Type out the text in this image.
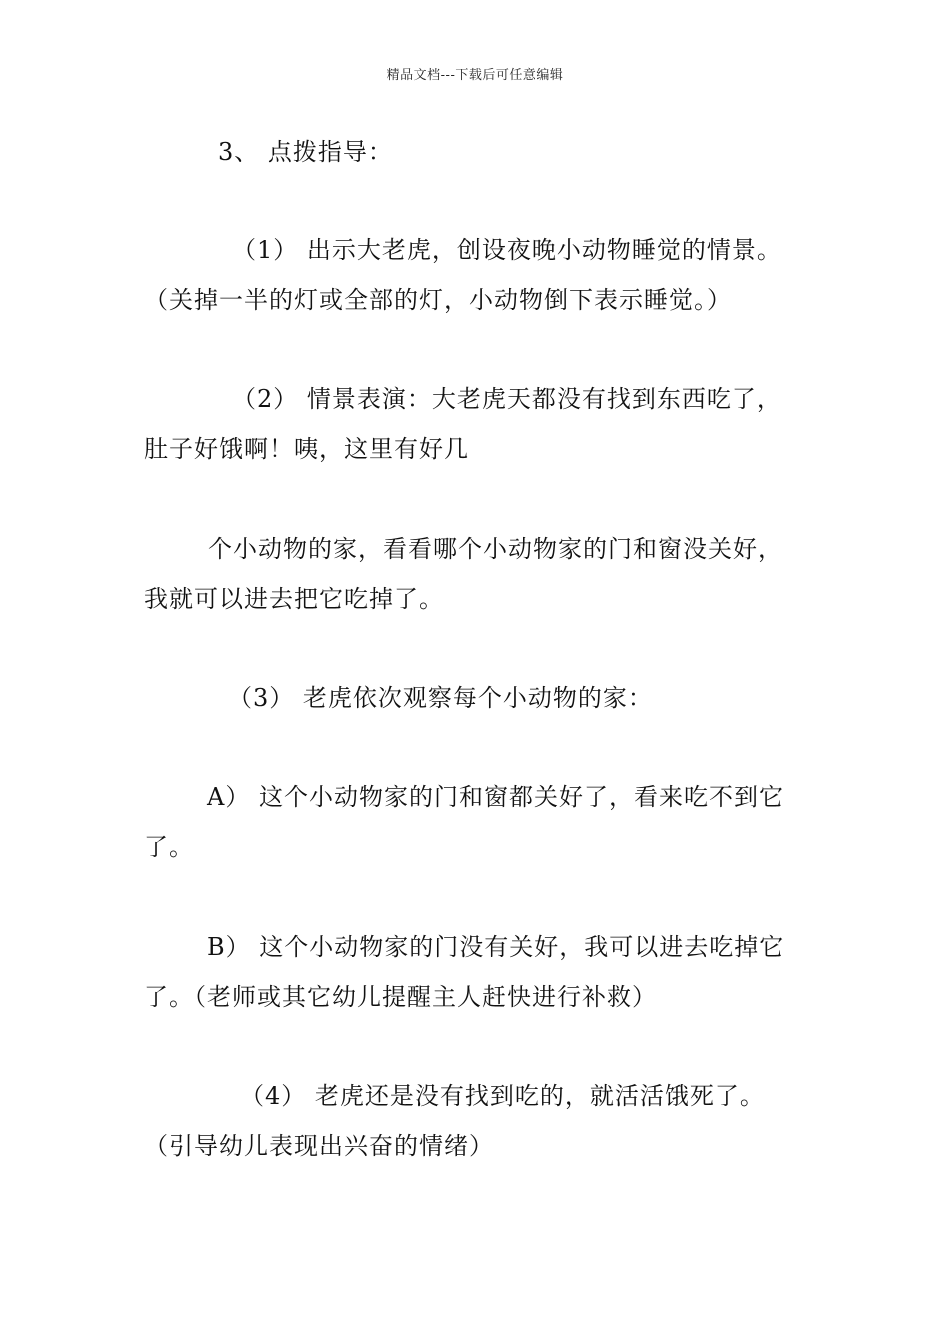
精品文档---下载后可任意编辑
3、 点拨指导：
（1） 出示大老虎，创设夜晚小动物睡觉的情景。
（关掉一半的灯或全部的灯，小动物倒下表示睡觉。）
（2） 情景表演：大老虎天都没有找到东西吃了，
肚子好饿啊！咦，这里有好几
个小动物的家，看看哪个小动物家的门和窗没关好，
我就可以进去把它吃掉了。
（3） 老虎依次观察每个小动物的家：
A） 这个小动物家的门和窗都关好了，看来吃不到它
了。
B） 这个小动物家的门没有关好，我可以进去吃掉它
了。（老师或其它幼儿提醒主人赶快进行补救）
（4） 老虎还是没有找到吃的，就活活饿死了。
（引导幼儿表现出兴奋的情绪）
